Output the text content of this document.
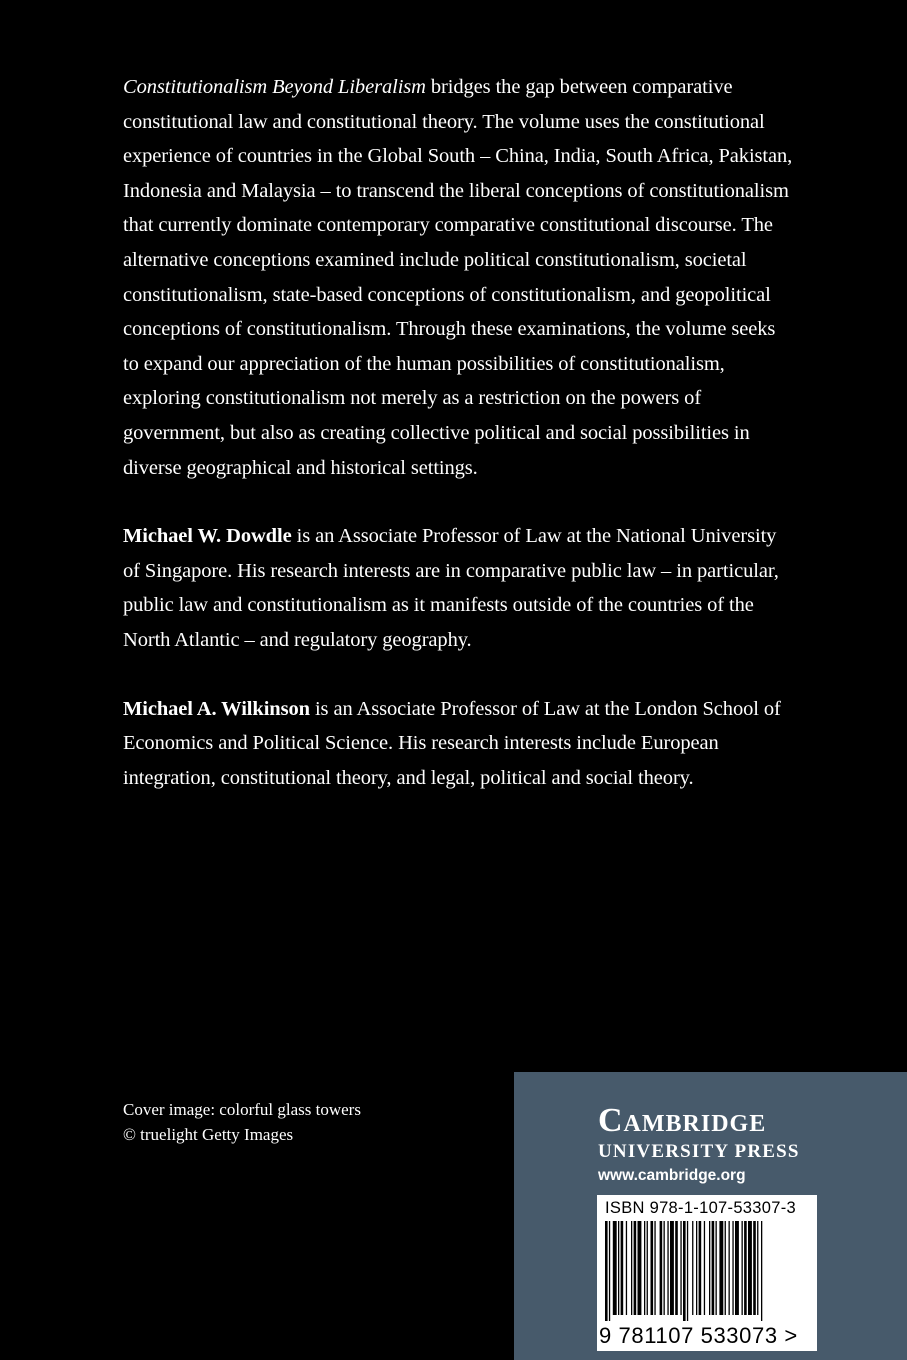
Constitutionalism Beyond Liberalism bridges the gap between comparative constitutional law and constitutional theory. The volume uses the constitutional experience of countries in the Global South – China, India, South Africa, Pakistan, Indonesia and Malaysia – to transcend the liberal conceptions of constitutionalism that currently dominate contemporary comparative constitutional discourse. The alternative conceptions examined include political constitutionalism, societal constitutionalism, state-based conceptions of constitutionalism, and geopolitical conceptions of constitutionalism. Through these examinations, the volume seeks to expand our appreciation of the human possibilities of constitutionalism, exploring constitutionalism not merely as a restriction on the powers of government, but also as creating collective political and social possibilities in diverse geographical and historical settings.

Michael W. Dowdle is an Associate Professor of Law at the National University of Singapore. His research interests are in comparative public law – in particular, public law and constitutionalism as it manifests outside of the countries of the North Atlantic – and regulatory geography.

Michael A. Wilkinson is an Associate Professor of Law at the London School of Economics and Political Science. His research interests include European integration, constitutional theory, and legal, political and social theory.

Cover image: colorful glass towers
© truelight Getty Images	Cambridge
UNIVERSITY PRESS
www.cambridge.org
ISBN 978-1-107-53307-3
9 781107 533073 >
